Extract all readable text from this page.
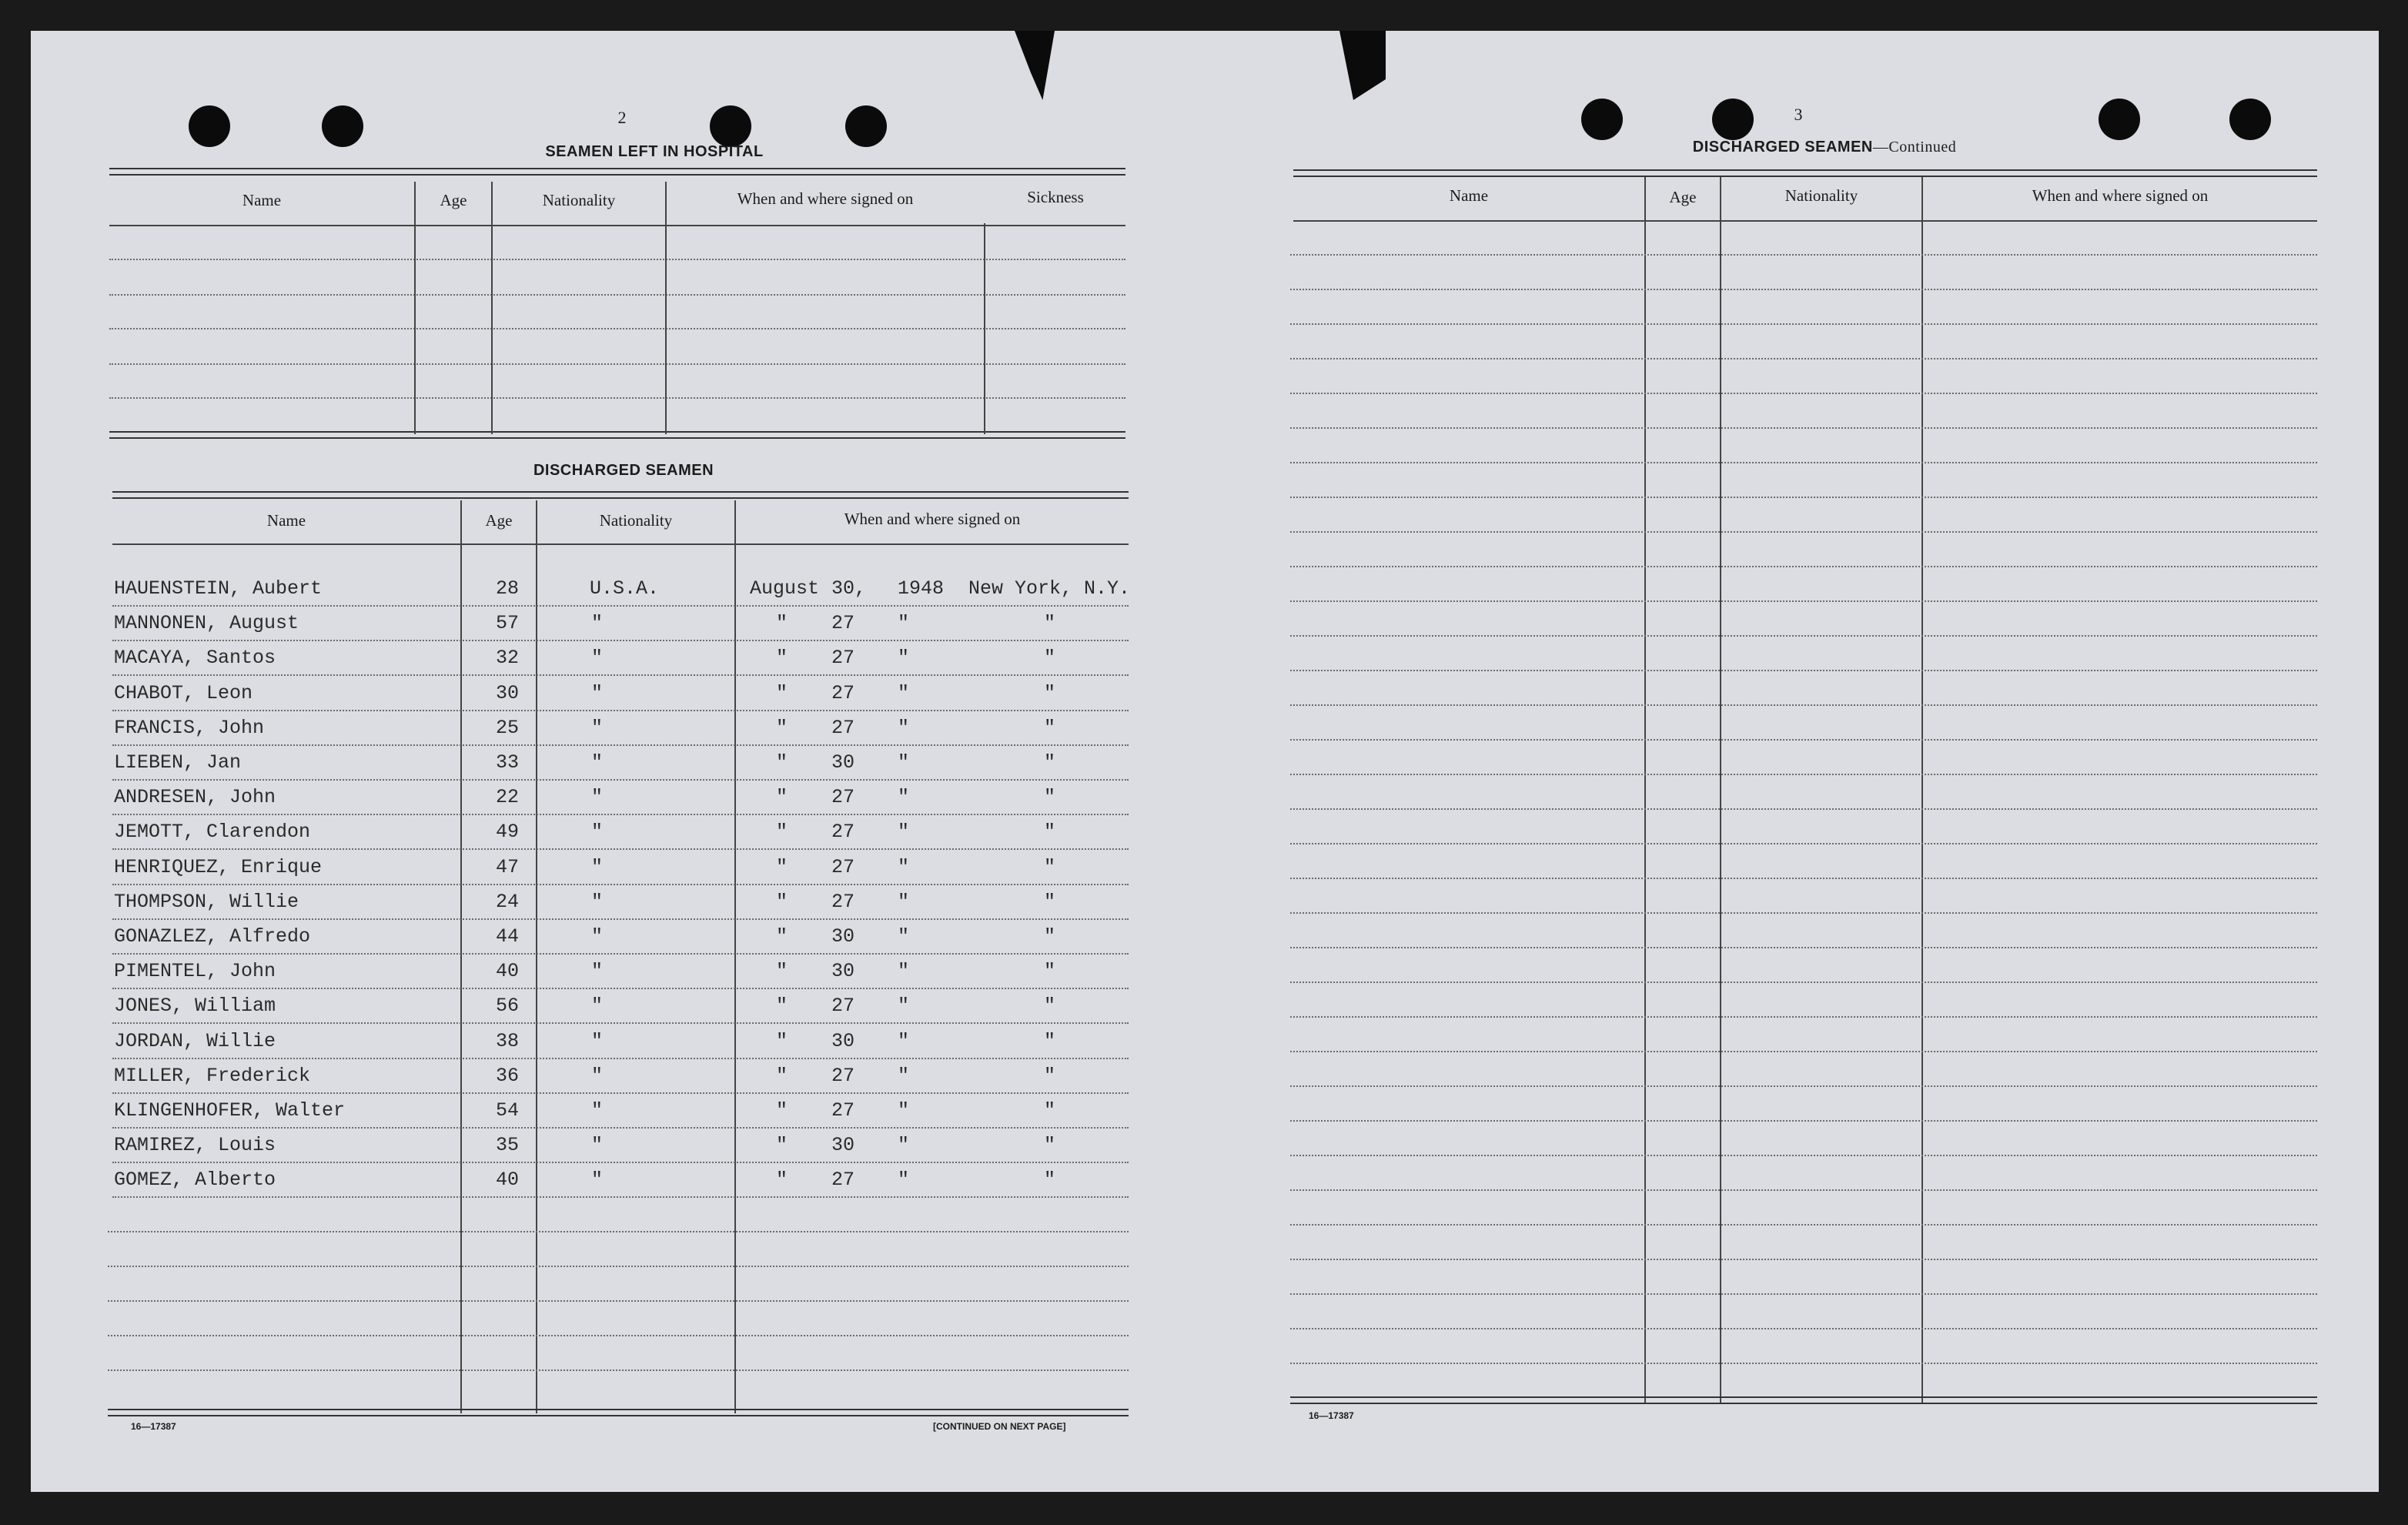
2
SEAMEN LEFT IN HOSPITAL
Name	Age	Nationality	When and where signed on	Sickness
DISCHARGED SEAMEN
Name	Age	Nationality	When and where signed on
HAUENSTEIN, Aubert	28	U.S.A.	August 30, 1948 New York, N.Y.
MANNONEN, August	57	"	" 27 "	"
MACAYA, Santos	32	"	" 27 "	"
CHABOT, Leon	30	"	" 27 "	"
FRANCIS, John	25	"	" 27 "	"
LIEBEN, Jan	33	"	" 30 "	"
ANDRESEN, John	22	"	" 27 "	"
JEMOTT, Clarendon	49	"	" 27 "	"
HENRIQUEZ, Enrique	47	"	" 27 "	"
THOMPSON, Willie	24	"	" 27 "	"
GONAZLEZ, Alfredo	44	"	" 30 "	"
PIMENTEL, John	40	"	" 30 "	"
JONES, William	56	"	" 27 "	"
JORDAN, Willie	38	"	" 30 "	"
MILLER, Frederick	36	"	" 27 "	"
KLINGENHOFER, Walter	54	"	" 27 "	"
RAMIREZ, Louis	35	"	" 30 "	"
GOMEZ, Alberto	40	"	" 27 "	"
16—17387	[CONTINUED ON NEXT PAGE]
3
DISCHARGED SEAMEN—Continued
Name	Age	Nationality	When and where signed on
16—17387
